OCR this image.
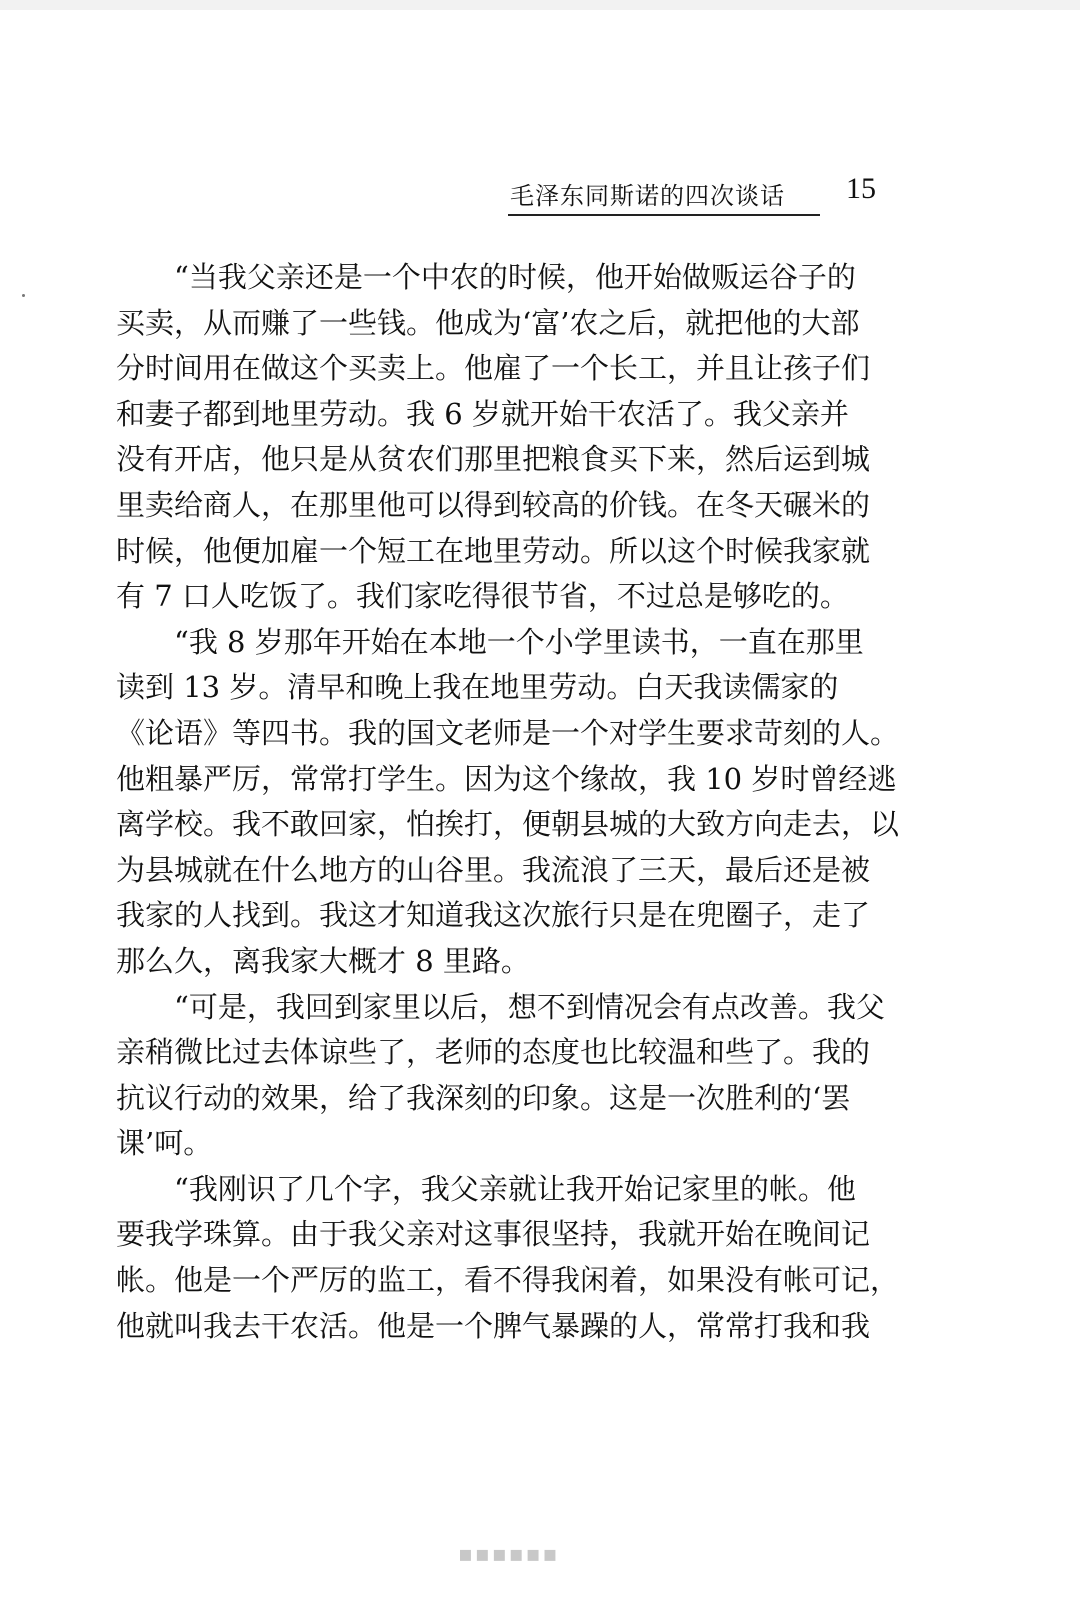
毛泽东同斯诺的四次谈话 15

“当我父亲还是一个中农的时候，他开始做贩运谷子的
买卖，从而赚了一些钱。他成为‘富’农之后，就把他的大部
分时间用在做这个买卖上。他雇了一个长工，并且让孩子们
和妻子都到地里劳动。我 6 岁就开始干农活了。我父亲并
没有开店，他只是从贫农们那里把粮食买下来，然后运到城
里卖给商人，在那里他可以得到较高的价钱。在冬天碾米的
时候，他便加雇一个短工在地里劳动。所以这个时候我家就
有 7 口人吃饭了。我们家吃得很节省，不过总是够吃的。

“我 8 岁那年开始在本地一个小学里读书，一直在那里
读到 13 岁。清早和晚上我在地里劳动。白天我读儒家的
《论语》等四书。我的国文老师是一个对学生要求苛刻的人。
他粗暴严厉，常常打学生。因为这个缘故，我 10 岁时曾经逃
离学校。我不敢回家，怕挨打，便朝县城的大致方向走去，以
为县城就在什么地方的山谷里。我流浪了三天，最后还是被
我家的人找到。我这才知道我这次旅行只是在兜圈子，走了
那么久，离我家大概才 8 里路。

“可是，我回到家里以后，想不到情况会有点改善。我父
亲稍微比过去体谅些了，老师的态度也比较温和些了。我的
抗议行动的效果，给了我深刻的印象。这是一次胜利的‘罢
课’呵。

“我刚识了几个字，我父亲就让我开始记家里的帐。他
要我学珠算。由于我父亲对这事很坚持，我就开始在晚间记
帐。他是一个严厉的监工，看不得我闲着，如果没有帐可记，
他就叫我去干农活。他是一个脾气暴躁的人，常常打我和我

▪▪▪▪▪▪
